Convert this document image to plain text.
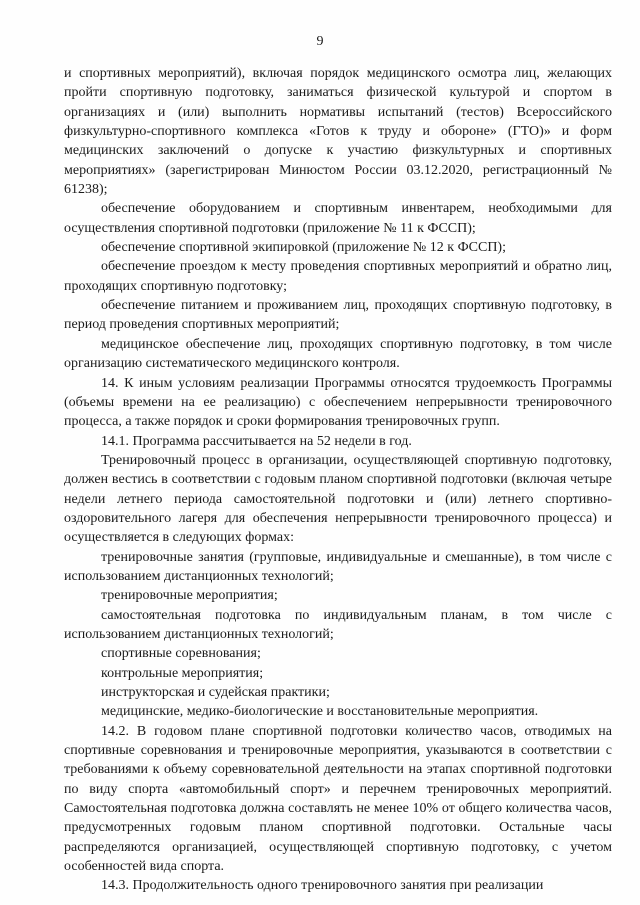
9

и спортивных мероприятий), включая порядок медицинского осмотра лиц, желающих пройти спортивную подготовку, заниматься физической культурой и спортом в организациях и (или) выполнить нормативы испытаний (тестов) Всероссийского физкультурно-спортивного комплекса «Готов к труду и обороне» (ГТО)» и форм медицинских заключений о допуске к участию физкультурных и спортивных мероприятиях» (зарегистрирован Минюстом России 03.12.2020, регистрационный № 61238);

обеспечение оборудованием и спортивным инвентарем, необходимыми для осуществления спортивной подготовки (приложение № 11 к ФССП);

обеспечение спортивной экипировкой (приложение № 12 к ФССП);

обеспечение проездом к месту проведения спортивных мероприятий и обратно лиц, проходящих спортивную подготовку;

обеспечение питанием и проживанием лиц, проходящих спортивную подготовку, в период проведения спортивных мероприятий;

медицинское обеспечение лиц, проходящих спортивную подготовку, в том числе организацию систематического медицинского контроля.

14. К иным условиям реализации Программы относятся трудоемкость Программы (объемы времени на ее реализацию) с обеспечением непрерывности тренировочного процесса, а также порядок и сроки формирования тренировочных групп.

14.1. Программа рассчитывается на 52 недели в год.

Тренировочный процесс в организации, осуществляющей спортивную подготовку, должен вестись в соответствии с годовым планом спортивной подготовки (включая четыре недели летнего периода самостоятельной подготовки и (или) летнего спортивно-оздоровительного лагеря для обеспечения непрерывности тренировочного процесса) и осуществляется в следующих формах:

тренировочные занятия (групповые, индивидуальные и смешанные), в том числе с использованием дистанционных технологий;

тренировочные мероприятия;

самостоятельная подготовка по индивидуальным планам, в том числе с использованием дистанционных технологий;

спортивные соревнования;

контрольные мероприятия;

инструкторская и судейская практики;

медицинские, медико-биологические и восстановительные мероприятия.

14.2. В годовом плане спортивной подготовки количество часов, отводимых на спортивные соревнования и тренировочные мероприятия, указываются в соответствии с требованиями к объему соревновательной деятельности на этапах спортивной подготовки по виду спорта «автомобильный спорт» и перечнем тренировочных мероприятий. Самостоятельная подготовка должна составлять не менее 10% от общего количества часов, предусмотренных годовым планом спортивной подготовки. Остальные часы распределяются организацией, осуществляющей спортивную подготовку, с учетом особенностей вида спорта.

14.3. Продолжительность одного тренировочного занятия при реализации
